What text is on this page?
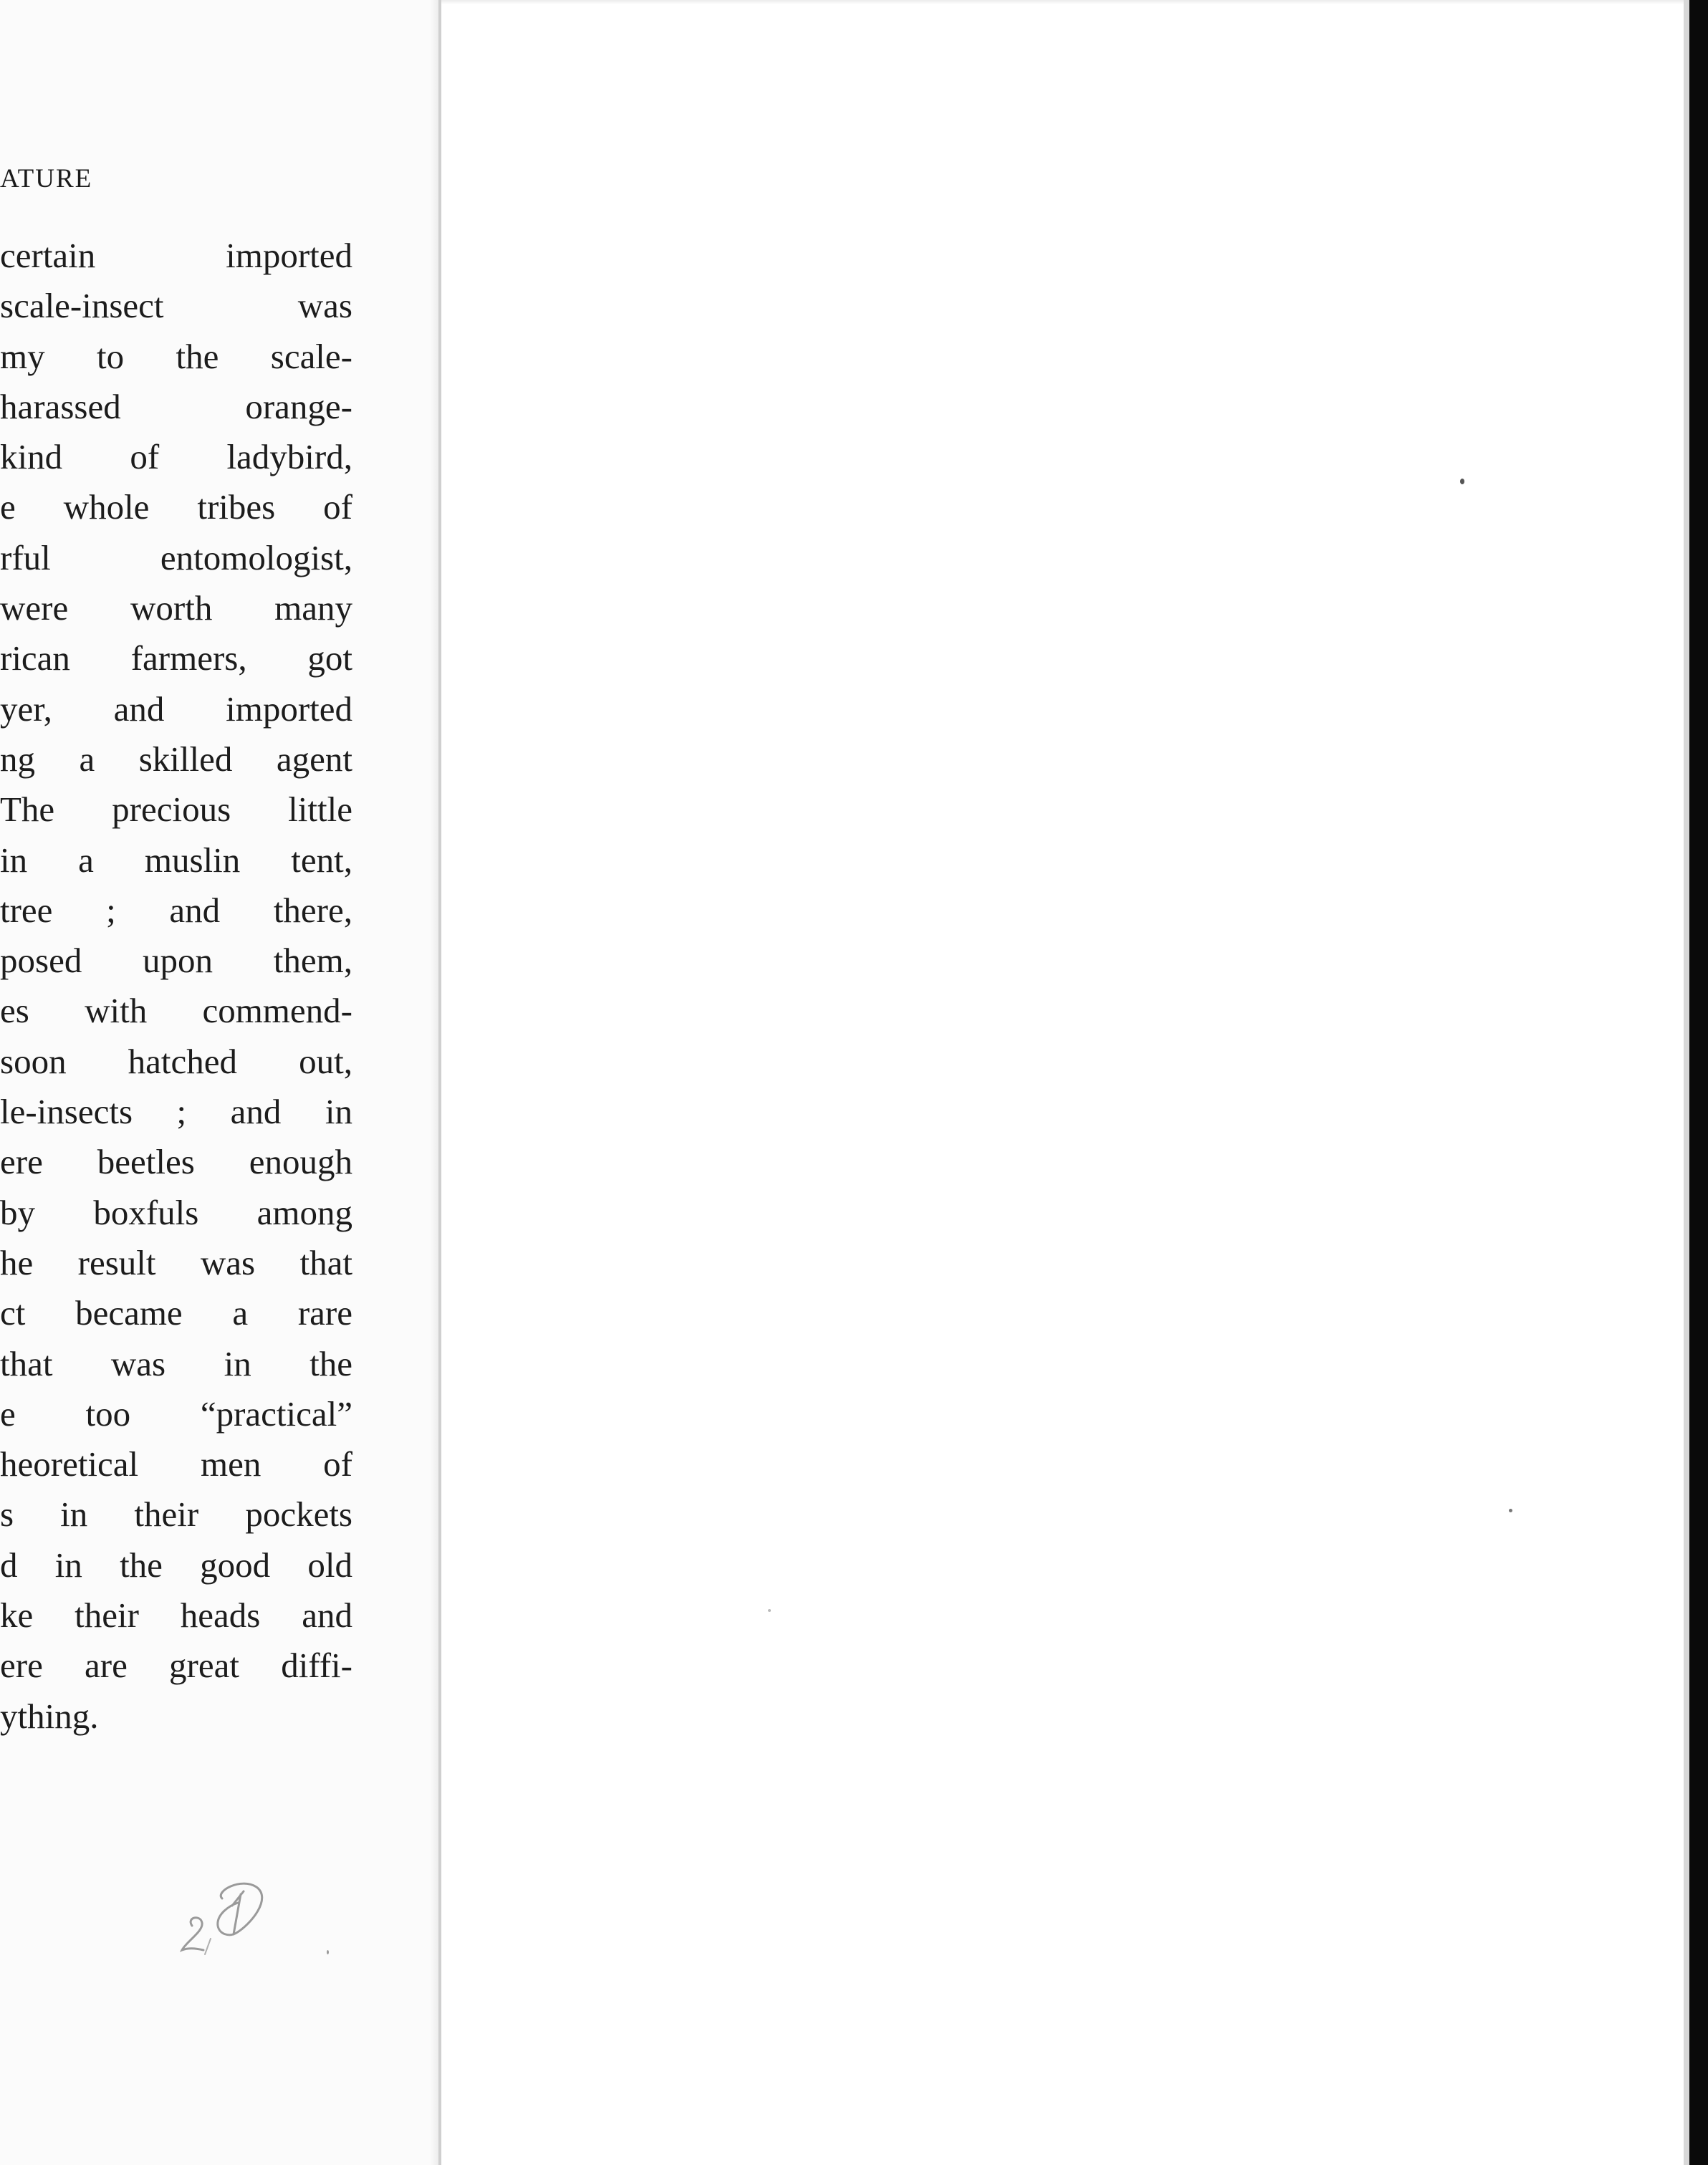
ATURE
certain imported
scale-insect was
my to the scale-
harassed orange-
kind of ladybird,
e whole tribes of
rful entomologist,
were worth many
rican farmers, got
yer, and imported
ng a skilled agent
The precious little
in a muslin tent,
tree ; and there,
posed upon them,
es with commend-
soon hatched out,
le-insects ; and in
ere beetles enough
by boxfuls among
he result was that
ct became a rare
that was in the
e too “practical”
heoretical men of
s in their pockets
d in the good old
ke their heads and
ere are great diffi-
ything.
